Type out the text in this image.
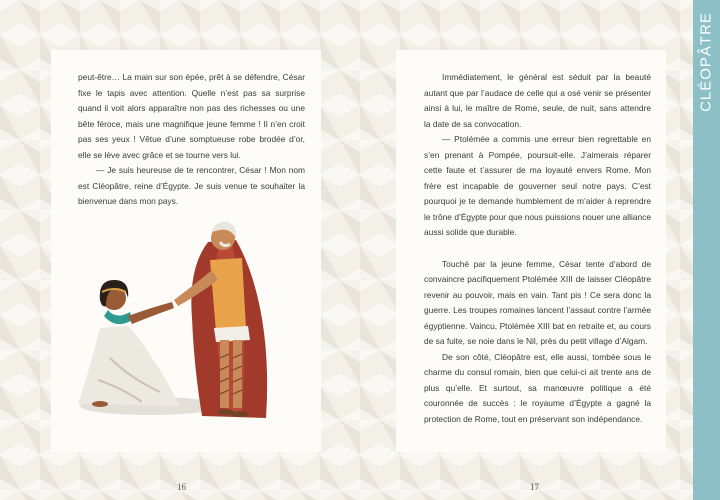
CLÉOPÂTRE

peut-être… La main sur son épée, prêt à se défendre, César fixe le tapis avec attention. Quelle n’est pas sa surprise quand il voit alors apparaître non pas des richesses ou une bête féroce, mais une magnifique jeune femme ! Il n’en croit pas ses yeux ! Vêtue d’une somptueuse robe brodée d’or, elle se lève avec grâce et se tourne vers lui.

— Je suis heureuse de te rencontrer, César ! Mon nom est Cléopâtre, reine d’Égypte. Je suis venue te souhaiter la bienvenue dans mon pays.

Immédiatement, le général est séduit par la beauté autant que par l’audace de celle qui a osé venir se présenter ainsi à lui, le maître de Rome, seule, de nuit, sans attendre la date de sa convocation.

— Ptolémée a commis une erreur bien regrettable en s’en prenant à Pompée, poursuit-elle. J’aimerais réparer cette faute et t’assurer de ma loyauté envers Rome. Mon frère est incapable de gouverner seul notre pays. C’est pourquoi je te demande humblement de m’aider à reprendre le trône d’Égypte pour que nous puissions nouer une alliance aussi solide que durable.

Touché par la jeune femme, César tente d’abord de convaincre pacifiquement Ptolémée XIII de laisser Cléopâtre revenir au pouvoir, mais en vain. Tant pis ! Ce sera donc la guerre. Les troupes romaines lancent l’assaut contre l’armée égyptienne. Vaincu, Ptolémée XIII bat en retraite et, au cours de sa fuite, se noie dans le Nil, près du petit village d’Algam.

De son côté, Cléopâtre est, elle aussi, tombée sous le charme du consul romain, bien que celui-ci ait trente ans de plus qu’elle. Et surtout, sa manœuvre politique a été couronnée de succès : le royaume d’Égypte a gagné la protection de Rome, tout en préservant son indépendance.

16	17
